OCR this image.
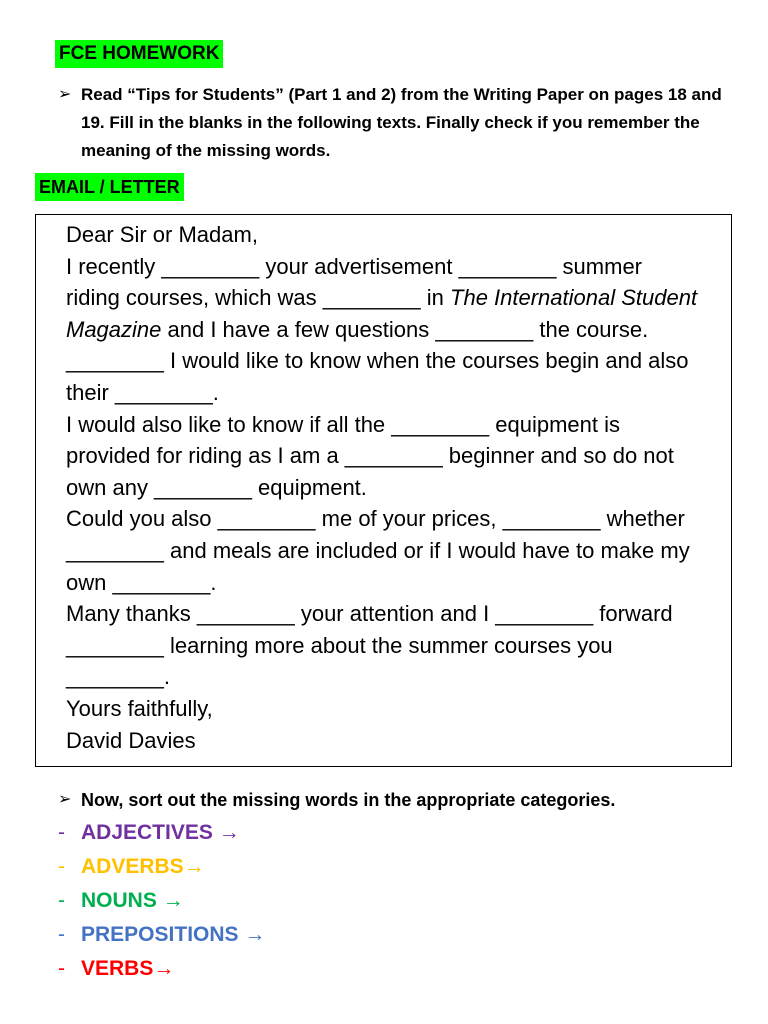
FCE HOMEWORK
➢ Read “Tips for Students” (Part 1 and 2) from the Writing Paper on pages 18 and 19. Fill in the blanks in the following texts. Finally check if you remember the meaning of the missing words.
EMAIL / LETTER

Dear Sir or Madam,

I recently ________ your advertisement ________ summer

riding courses, which was ________ in The International Student

Magazine and I have a few questions ________ the course.

________ I would like to know when the courses begin and also

their ________.

I would also like to know if all the ________ equipment is

provided for riding as I am a ________ beginner and so do not

own any ________ equipment.

Could you also ________ me of your prices, ________ whether

________ and meals are included or if I would have to make my

own ________.

Many thanks ________ your attention and I ________ forward

________ learning more about the summer courses you

________.

Yours faithfully,

David Davies

➢ Now, sort out the missing words in the appropriate categories.
- ADJECTIVES →
- ADVERBS→
- NOUNS →
- PREPOSITIONS →
- VERBS→
